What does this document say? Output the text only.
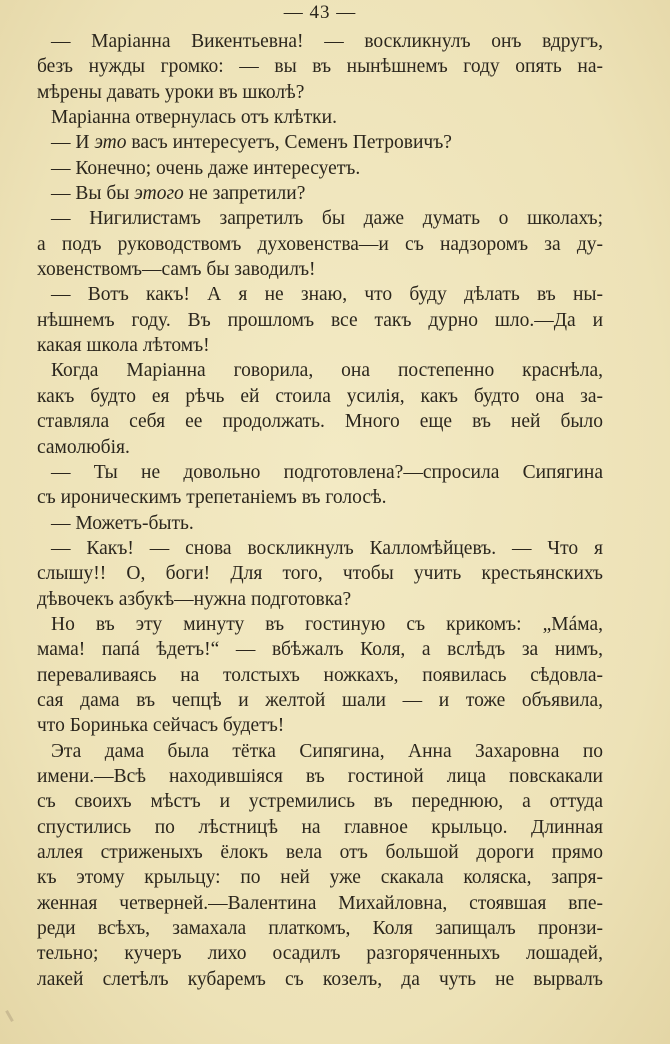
— 43 —
— Маріанна Викентьевна! — воскликнулъ онъ вдругъ,
безъ нужды громко: — вы въ нынѣшнемъ году опять на-
мѣрены давать уроки въ школѣ?
Маріанна отвернулась отъ клѣтки.
— И это васъ интересуетъ, Семенъ Петровичъ?
— Конечно; очень даже интересуетъ.
— Вы бы этого не запретили?
— Нигилистамъ запретилъ бы даже думать о школахъ;
а подъ руководствомъ духовенства—и съ надзоромъ за ду-
ховенствомъ—самъ бы заводилъ!
— Вотъ какъ! А я не знаю, что буду дѣлать въ ны-
нѣшнемъ году. Въ прошломъ все такъ дурно шло.—Да и
какая школа лѣтомъ!
Когда Маріанна говорила, она постепенно краснѣла,
какъ будто ея рѣчь ей стоила усилія, какъ будто она за-
ставляла себя ее продолжать. Много еще въ ней было
самолюбія.
— Ты не довольно подготовлена?—спросила Сипягина
съ ироническимъ трепетаніемъ въ голосѣ.
— Можетъ-быть.
— Какъ! — снова воскликнулъ Калломѣйцевъ. — Что я
слышу!! О, боги! Для того, чтобы учить крестьянскихъ
дѣвочекъ азбукѣ—нужна подготовка?
Но въ эту минуту въ гостиную съ крикомъ: „Мáма,
мама! папá ѣдетъ!“ — вбѣжалъ Коля, а вслѣдъ за нимъ,
переваливаясь на толстыхъ ножкахъ, появилась сѣдовла-
сая дама въ чепцѣ и желтой шали — и тоже объявила,
что Боринька сейчасъ будетъ!
Эта дама была тётка Сипягина, Анна Захаровна по
имени.—Всѣ находившіяся въ гостиной лица повскакали
съ своихъ мѣстъ и устремились въ переднюю, а оттуда
спустились по лѣстницѣ на главное крыльцо. Длинная
аллея стриженыхъ ёлокъ вела отъ большой дороги прямо
къ этому крыльцу: по ней уже скакала коляска, запря-
женная четверней.—Валентина Михайловна, стоявшая впе-
реди всѣхъ, замахала платкомъ, Коля запищалъ пронзи-
тельно; кучеръ лихо осадилъ разгоряченныхъ лошадей,
лакей слетѣлъ кубаремъ съ козелъ, да чуть не вырвалъ
